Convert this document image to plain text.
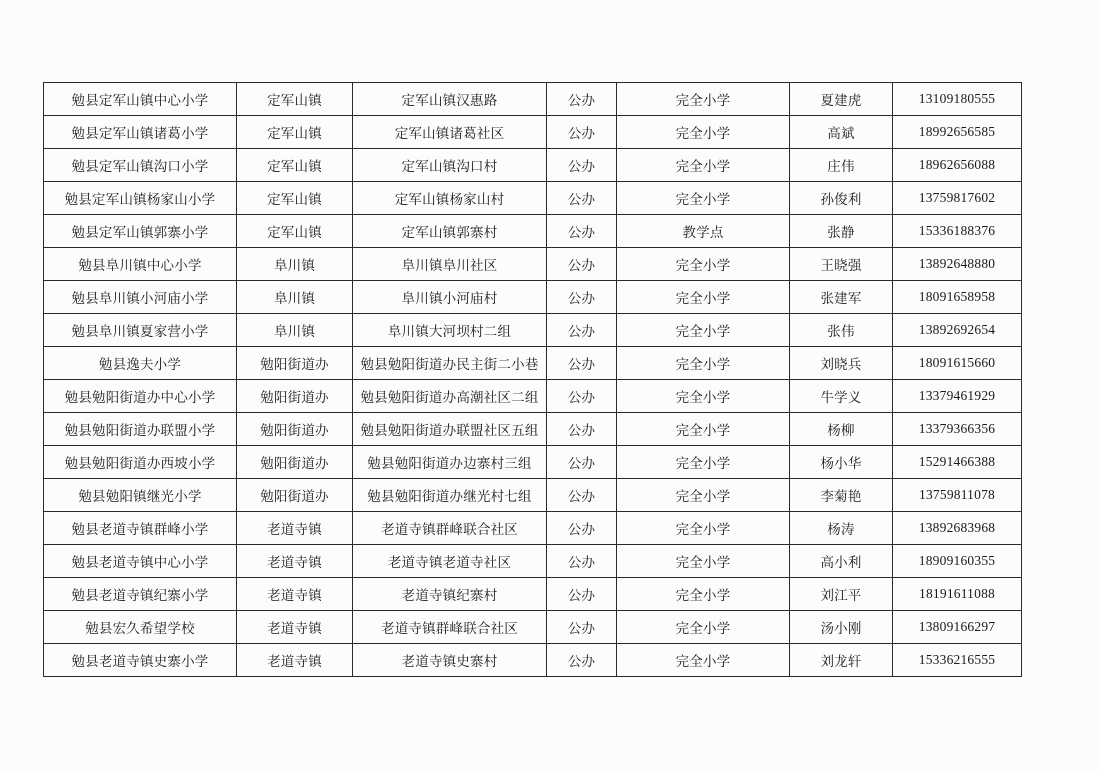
勉县定军山镇中心小学	定军山镇	定军山镇汉惠路	公办	完全小学	夏建虎	13109180555
勉县定军山镇诸葛小学	定军山镇	定军山镇诸葛社区	公办	完全小学	高斌	18992656585
勉县定军山镇沟口小学	定军山镇	定军山镇沟口村	公办	完全小学	庄伟	18962656088
勉县定军山镇杨家山小学	定军山镇	定军山镇杨家山村	公办	完全小学	孙俊利	13759817602
勉县定军山镇郭寨小学	定军山镇	定军山镇郭寨村	公办	教学点	张静	15336188376
勉县阜川镇中心小学	阜川镇	阜川镇阜川社区	公办	完全小学	王晓强	13892648880
勉县阜川镇小河庙小学	阜川镇	阜川镇小河庙村	公办	完全小学	张建军	18091658958
勉县阜川镇夏家营小学	阜川镇	阜川镇大河坝村二组	公办	完全小学	张伟	13892692654
勉县逸夫小学	勉阳街道办	勉县勉阳街道办民主街二小巷	公办	完全小学	刘晓兵	18091615660
勉县勉阳街道办中心小学	勉阳街道办	勉县勉阳街道办高潮社区二组	公办	完全小学	牛学义	13379461929
勉县勉阳街道办联盟小学	勉阳街道办	勉县勉阳街道办联盟社区五组	公办	完全小学	杨柳	13379366356
勉县勉阳街道办西坡小学	勉阳街道办	勉县勉阳街道办边寨村三组	公办	完全小学	杨小华	15291466388
勉县勉阳镇继光小学	勉阳街道办	勉县勉阳街道办继光村七组	公办	完全小学	李菊艳	13759811078
勉县老道寺镇群峰小学	老道寺镇	老道寺镇群峰联合社区	公办	完全小学	杨涛	13892683968
勉县老道寺镇中心小学	老道寺镇	老道寺镇老道寺社区	公办	完全小学	高小利	18909160355
勉县老道寺镇纪寨小学	老道寺镇	老道寺镇纪寨村	公办	完全小学	刘江平	18191611088
勉县宏久希望学校	老道寺镇	老道寺镇群峰联合社区	公办	完全小学	汤小刚	13809166297
勉县老道寺镇史寨小学	老道寺镇	老道寺镇史寨村	公办	完全小学	刘龙轩	15336216555
